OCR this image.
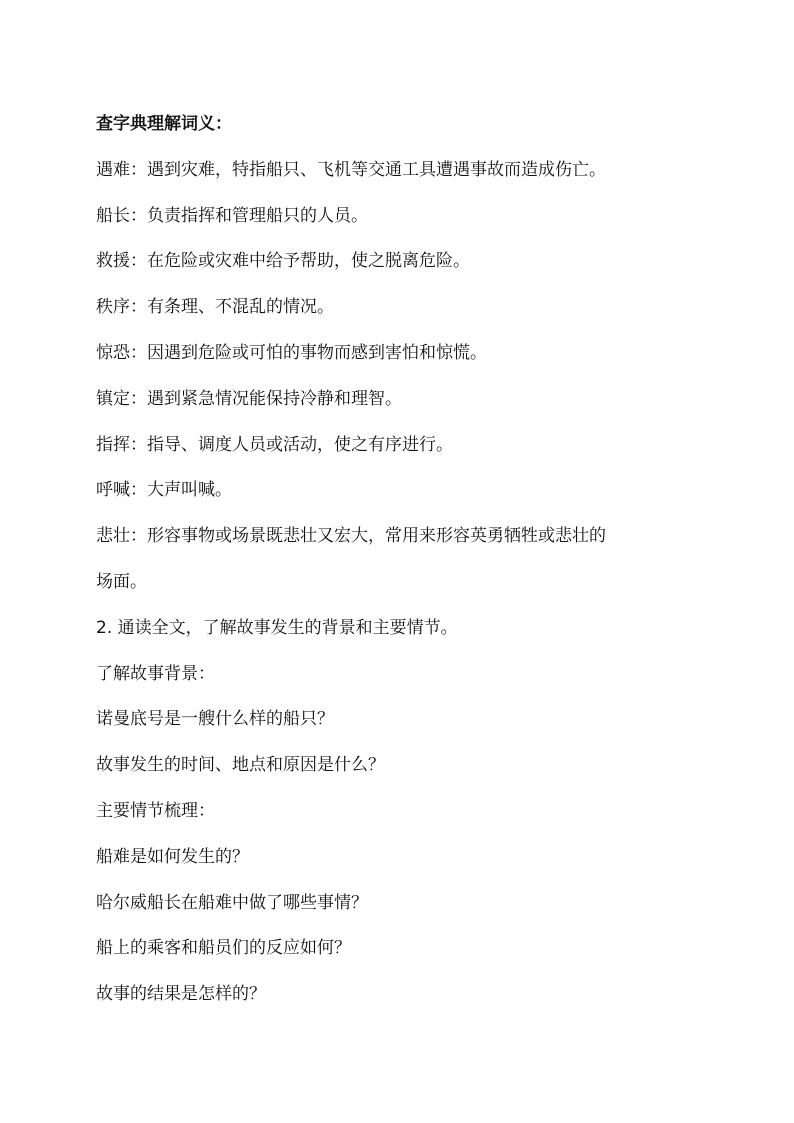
查字典理解词义：

遇难：遇到灾难，特指船只、飞机等交通工具遭遇事故而造成伤亡。

船长：负责指挥和管理船只的人员。

救援：在危险或灾难中给予帮助，使之脱离危险。

秩序：有条理、不混乱的情况。

惊恐：因遇到危险或可怕的事物而感到害怕和惊慌。

镇定：遇到紧急情况能保持冷静和理智。

指挥：指导、调度人员或活动，使之有序进行。

呼喊：大声叫喊。

悲壮：形容事物或场景既悲壮又宏大，常用来形容英勇牺牲或悲壮的

场面。

2. 通读全文，了解故事发生的背景和主要情节。

了解故事背景：

诺曼底号是一艘什么样的船只？

故事发生的时间、地点和原因是什么？

主要情节梳理：

船难是如何发生的？

哈尔威船长在船难中做了哪些事情？

船上的乘客和船员们的反应如何？

故事的结果是怎样的？
